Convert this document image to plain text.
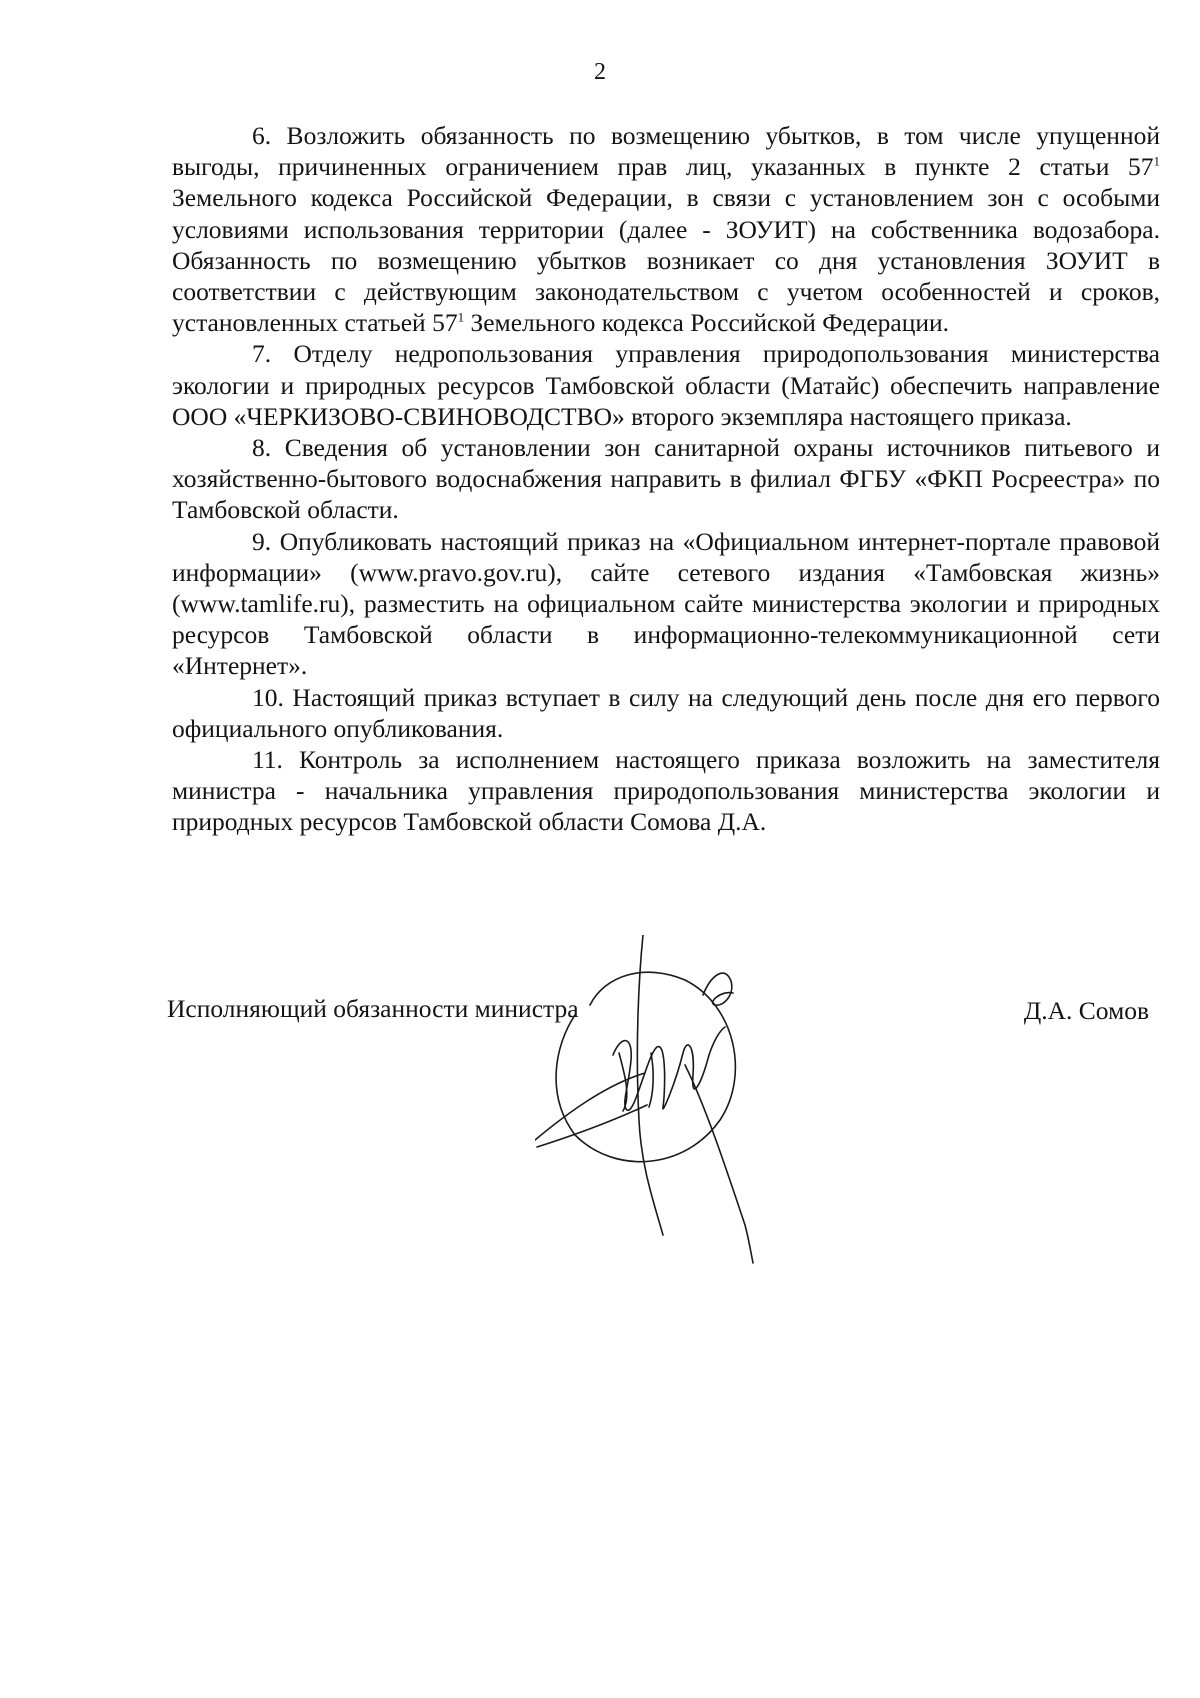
2

6. Возложить обязанность по возмещению убытков, в том числе упущенной выгоды, причиненных ограничением прав лиц, указанных в пункте 2 статьи $57^1$ Земельного кодекса Российской Федерации, в связи с установлением зон с особыми условиями использования территории (далее - ЗОУИТ) на собственника водозабора. Обязанность по возмещению убытков возникает со дня установления ЗОУИТ в соответствии с действующим законодательством с учетом особенностей и сроков, установленных статьей $57^1$ Земельного кодекса Российской Федерации.

7. Отделу недропользования управления природопользования министерства экологии и природных ресурсов Тамбовской области (Матайс) обеспечить направление ООО «ЧЕРКИЗОВО-СВИНОВОДСТВО» второго экземпляра настоящего приказа.

8. Сведения об установлении зон санитарной охраны источников питьевого и хозяйственно-бытового водоснабжения направить в филиал ФГБУ «ФКП Росреестра» по Тамбовской области.

9. Опубликовать настоящий приказ на «Официальном интернет-портале правовой информации» (www.pravo.gov.ru), сайте сетевого издания «Тамбовская жизнь» (www.tamlife.ru), разместить на официальном сайте министерства экологии и природных ресурсов Тамбовской области в информационно-телекоммуникационной сети «Интернет».

10. Настоящий приказ вступает в силу на следующий день после дня его первого официального опубликования.

11. Контроль за исполнением настоящего приказа возложить на заместителя министра - начальника управления природопользования министерства экологии и природных ресурсов Тамбовской области Сомова Д.А.

Исполняющий обязанности министра	Д.А. Сомов
